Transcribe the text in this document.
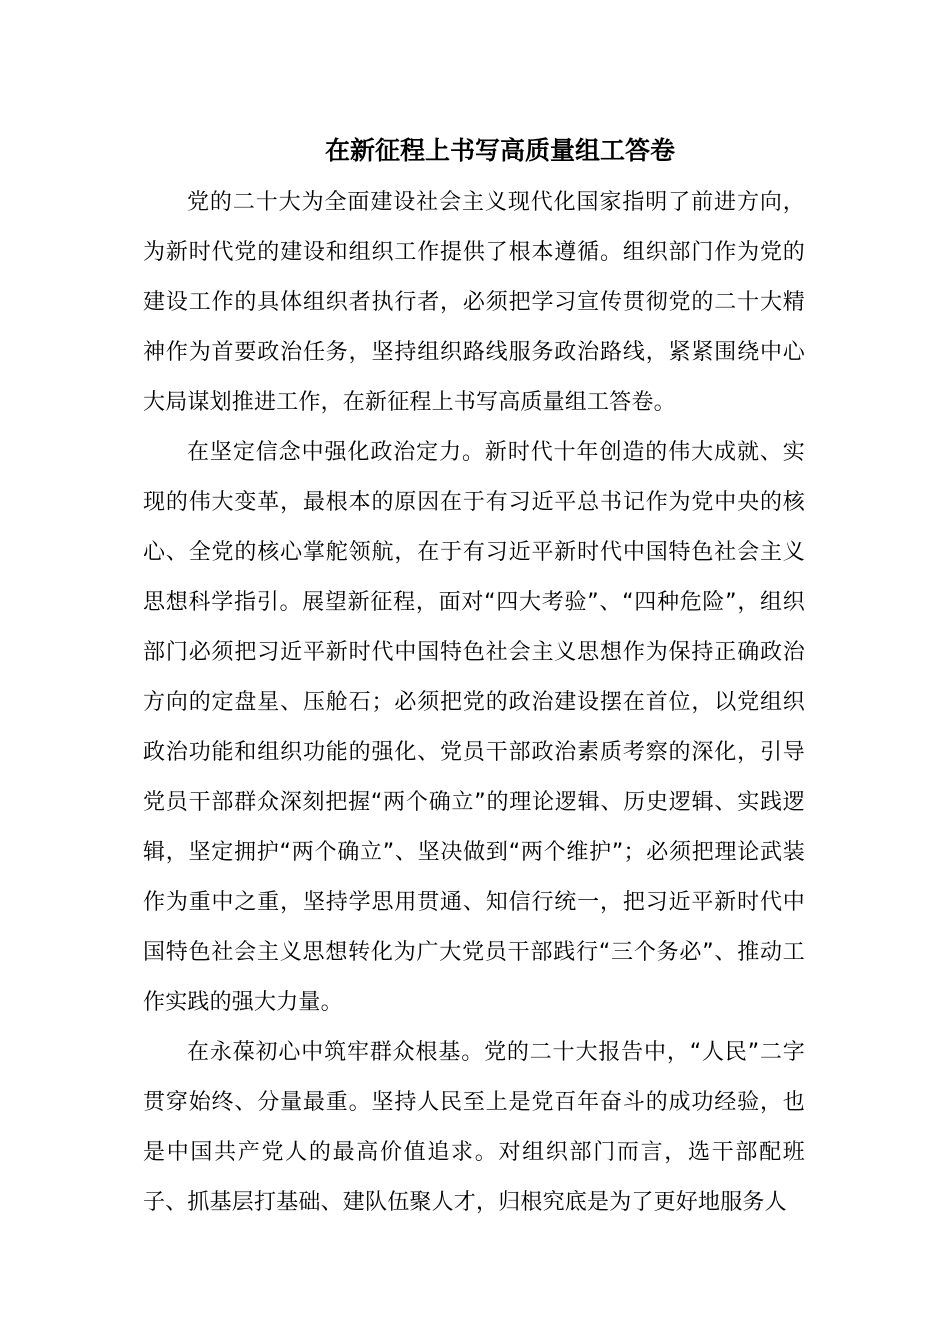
在新征程上书写高质量组工答卷

党的二十大为全面建设社会主义现代化国家指明了前进方向，为新时代党的建设和组织工作提供了根本遵循。组织部门作为党的建设工作的具体组织者执行者，必须把学习宣传贯彻党的二十大精神作为首要政治任务，坚持组织路线服务政治路线，紧紧围绕中心大局谋划推进工作，在新征程上书写高质量组工答卷。

在坚定信念中强化政治定力。新时代十年创造的伟大成就、实现的伟大变革，最根本的原因在于有习近平总书记作为党中央的核心、全党的核心掌舵领航，在于有习近平新时代中国特色社会主义思想科学指引。展望新征程，面对“四大考验”、“四种危险”，组织部门必须把习近平新时代中国特色社会主义思想作为保持正确政治方向的定盘星、压舱石；必须把党的政治建设摆在首位，以党组织政治功能和组织功能的强化、党员干部政治素质考察的深化，引导党员干部群众深刻把握“两个确立”的理论逻辑、历史逻辑、实践逻辑，坚定拥护“两个确立”、坚决做到“两个维护”；必须把理论武装作为重中之重，坚持学思用贯通、知信行统一，把习近平新时代中国特色社会主义思想转化为广大党员干部践行“三个务必”、推动工作实践的强大力量。

在永葆初心中筑牢群众根基。党的二十大报告中，“人民”二字贯穿始终、分量最重。坚持人民至上是党百年奋斗的成功经验，也是中国共产党人的最高价值追求。对组织部门而言，选干部配班子、抓基层打基础、建队伍聚人才，归根究底是为了更好地服务人
